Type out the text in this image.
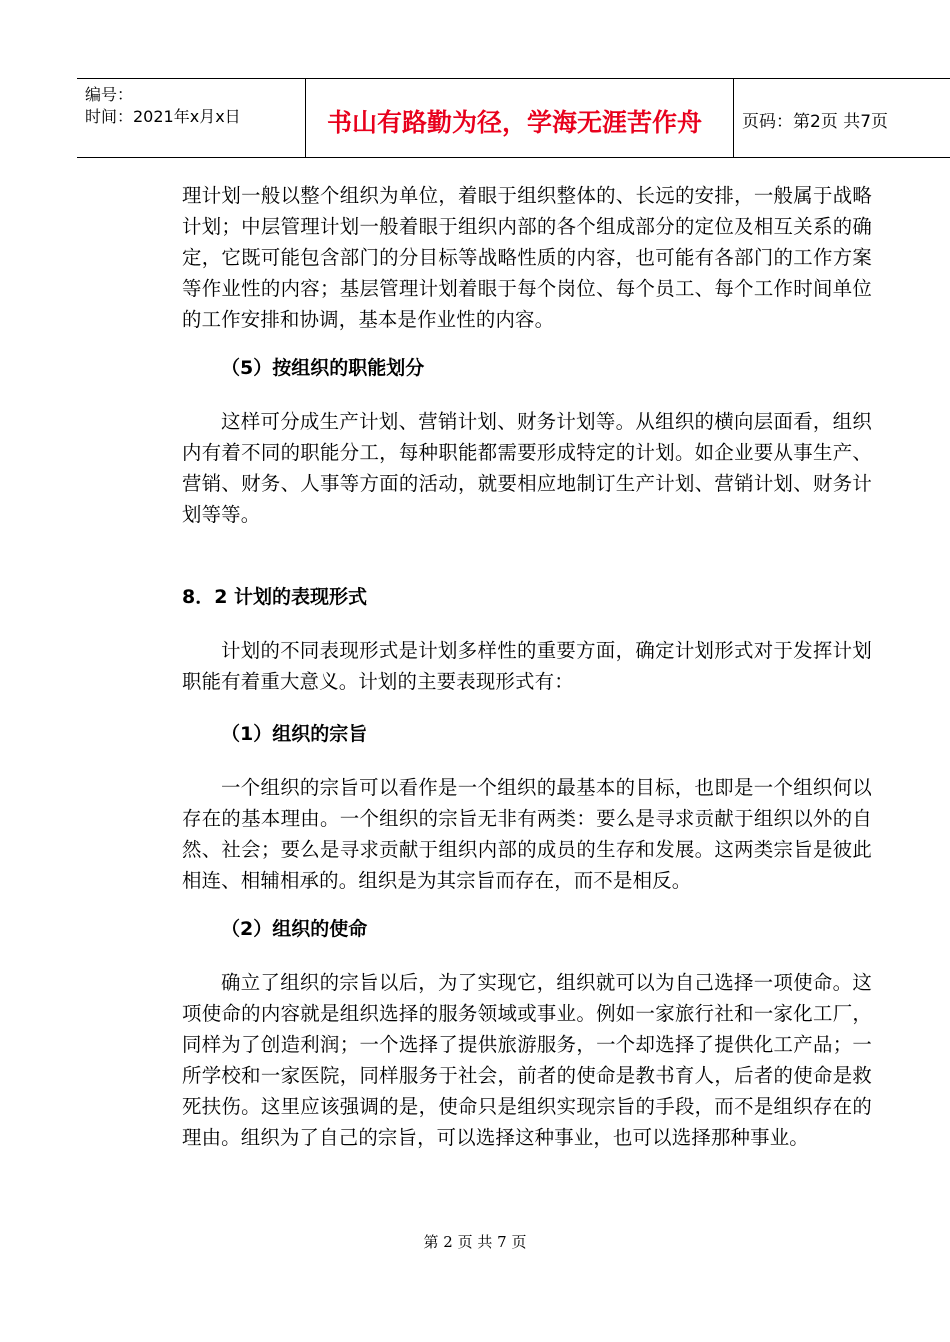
编号：
时间：2021年x月x日	书山有路勤为径，学海无涯苦作舟 页码：第2页 共7页

理计划一般以整个组织为单位，着眼于组织整体的、长远的安排，一般属于战略计划；中层管理计划一般着眼于组织内部的各个组成部分的定位及相互关系的确定，它既可能包含部门的分目标等战略性质的内容，也可能有各部门的工作方案等作业性的内容；基层管理计划着眼于每个岗位、每个员工、每个工作时间单位的工作安排和协调，基本是作业性的内容。

（5）按组织的职能划分

这样可分成生产计划、营销计划、财务计划等。从组织的横向层面看，组织内有着不同的职能分工，每种职能都需要形成特定的计划。如企业要从事生产、营销、财务、人事等方面的活动，就要相应地制订生产计划、营销计划、财务计划等等。

8．2 计划的表现形式

计划的不同表现形式是计划多样性的重要方面，确定计划形式对于发挥计划职能有着重大意义。计划的主要表现形式有：

（1）组织的宗旨

一个组织的宗旨可以看作是一个组织的最基本的目标，也即是一个组织何以存在的基本理由。一个组织的宗旨无非有两类：要么是寻求贡献于组织以外的自然、社会；要么是寻求贡献于组织内部的成员的生存和发展。这两类宗旨是彼此相连、相辅相承的。组织是为其宗旨而存在，而不是相反。

（2）组织的使命

确立了组织的宗旨以后，为了实现它，组织就可以为自己选择一项使命。这项使命的内容就是组织选择的服务领域或事业。例如一家旅行社和一家化工厂，同样为了创造利润；一个选择了提供旅游服务，一个却选择了提供化工产品；一所学校和一家医院，同样服务于社会，前者的使命是教书育人，后者的使命是救死扶伤。这里应该强调的是，使命只是组织实现宗旨的手段，而不是组织存在的理由。组织为了自己的宗旨，可以选择这种事业，也可以选择那种事业。

第 2 页 共 7 页
